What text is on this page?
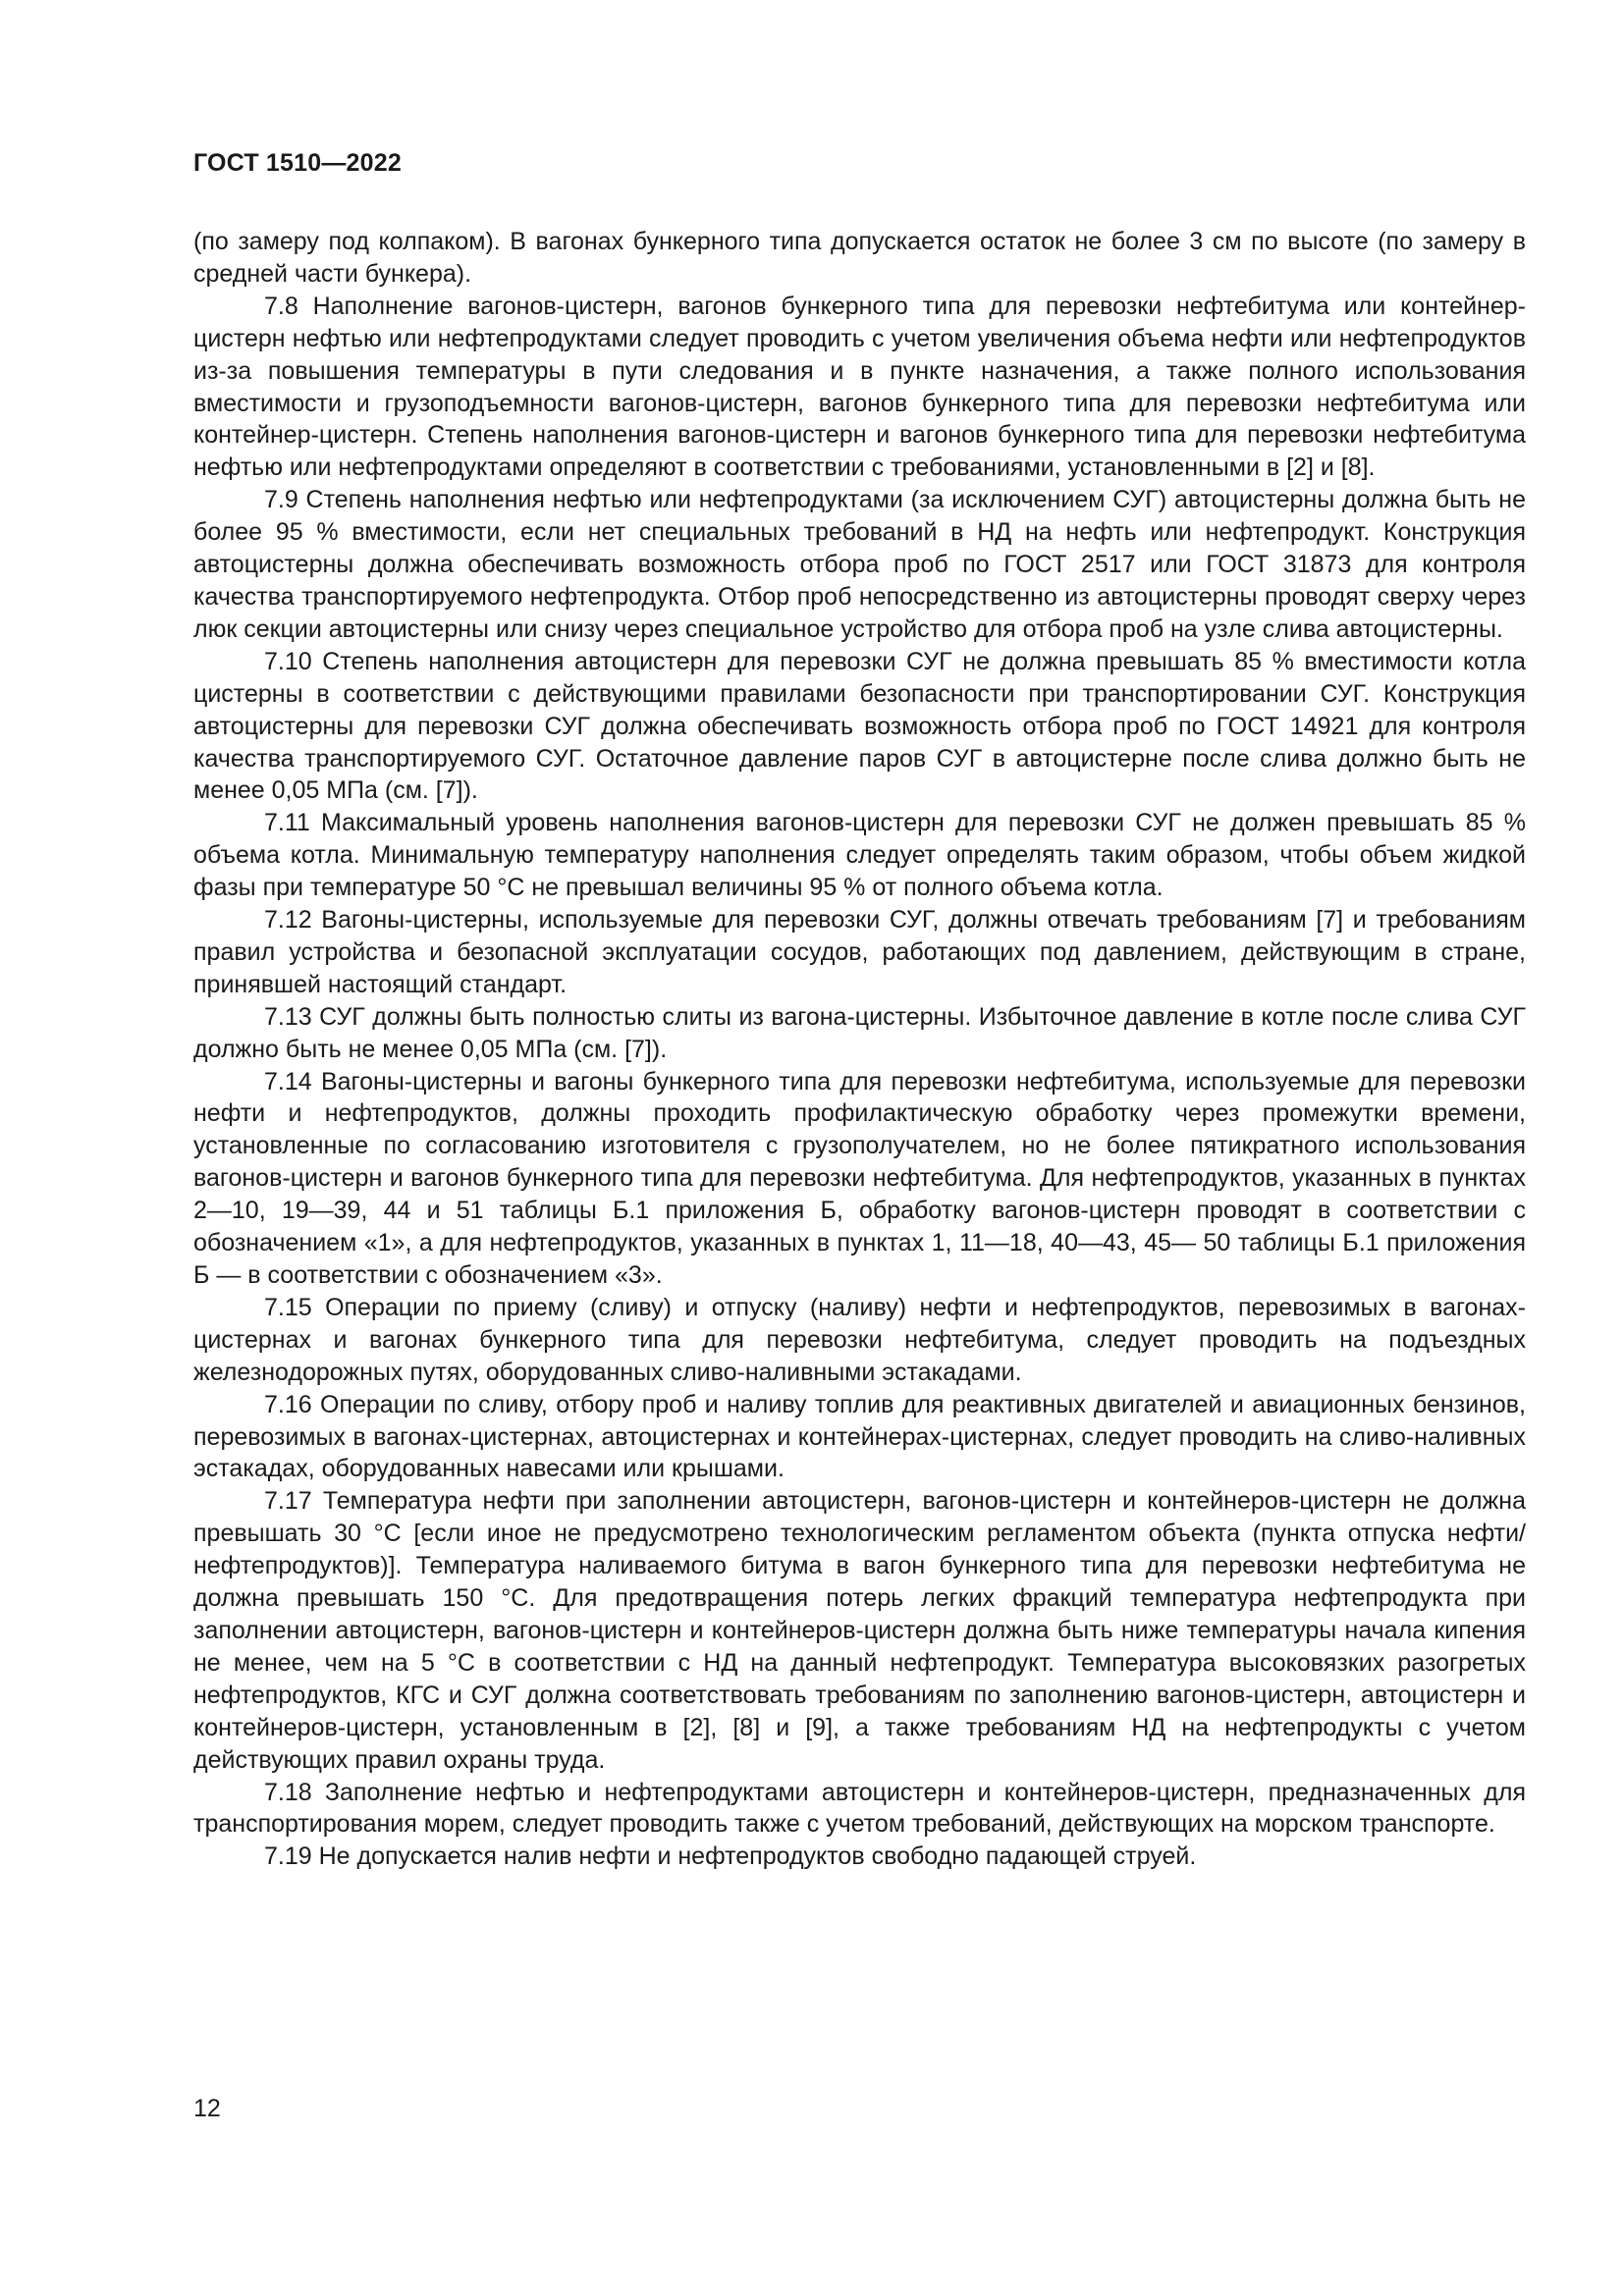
ГОСТ 1510—2022

(по замеру под колпаком). В вагонах бункерного типа допускается остаток не более 3 см по высоте (по замеру в средней части бункера).

7.8 Наполнение вагонов-цистерн, вагонов бункерного типа для перевозки нефтебитума или контейнер-цистерн нефтью или нефтепродуктами следует проводить с учетом увеличения объема нефти или нефтепродуктов из-за повышения температуры в пути следования и в пункте назначения, а также полного использования вместимости и грузоподъемности вагонов-цистерн, вагонов бункерного типа для перевозки нефтебитума или контейнер-цистерн. Степень наполнения вагонов-цистерн и вагонов бункерного типа для перевозки нефтебитума нефтью или нефтепродуктами определяют в соответствии с требованиями, установленными в [2] и [8].

7.9 Степень наполнения нефтью или нефтепродуктами (за исключением СУГ) автоцистерны должна быть не более 95 % вместимости, если нет специальных требований в НД на нефть или нефтепродукт. Конструкция автоцистерны должна обеспечивать возможность отбора проб по ГОСТ 2517 или ГОСТ 31873 для контроля качества транспортируемого нефтепродукта. Отбор проб непосредственно из автоцистерны проводят сверху через люк секции автоцистерны или снизу через специальное устройство для отбора проб на узле слива автоцистерны.

7.10 Степень наполнения автоцистерн для перевозки СУГ не должна превышать 85 % вместимости котла цистерны в соответствии с действующими правилами безопасности при транспортировании СУГ. Конструкция автоцистерны для перевозки СУГ должна обеспечивать возможность отбора проб по ГОСТ 14921 для контроля качества транспортируемого СУГ. Остаточное давление паров СУГ в автоцистерне после слива должно быть не менее 0,05 МПа (см. [7]).

7.11 Максимальный уровень наполнения вагонов-цистерн для перевозки СУГ не должен превышать 85 % объема котла. Минимальную температуру наполнения следует определять таким образом, чтобы объем жидкой фазы при температуре 50 °С не превышал величины 95 % от полного объема котла.

7.12 Вагоны-цистерны, используемые для перевозки СУГ, должны отвечать требованиям [7] и требованиям правил устройства и безопасной эксплуатации сосудов, работающих под давлением, действующим в стране, принявшей настоящий стандарт.

7.13 СУГ должны быть полностью слиты из вагона-цистерны. Избыточное давление в котле после слива СУГ должно быть не менее 0,05 МПа (см. [7]).

7.14 Вагоны-цистерны и вагоны бункерного типа для перевозки нефтебитума, используемые для перевозки нефти и нефтепродуктов, должны проходить профилактическую обработку через промежутки времени, установленные по согласованию изготовителя с грузополучателем, но не более пятикратного использования вагонов-цистерн и вагонов бункерного типа для перевозки нефтебитума. Для нефтепродуктов, указанных в пунктах 2—10, 19—39, 44 и 51 таблицы Б.1 приложения Б, обработку вагонов-цистерн проводят в соответствии с обозначением «1», а для нефтепродуктов, указанных в пунктах 1, 11—18, 40—43, 45— 50 таблицы Б.1 приложения Б — в соответствии с обозначением «3».

7.15 Операции по приему (сливу) и отпуску (наливу) нефти и нефтепродуктов, перевозимых в вагонах-цистернах и вагонах бункерного типа для перевозки нефтебитума, следует проводить на подъездных железнодорожных путях, оборудованных сливо-наливными эстакадами.

7.16 Операции по сливу, отбору проб и наливу топлив для реактивных двигателей и авиационных бензинов, перевозимых в вагонах-цистернах, автоцистернах и контейнерах-цистернах, следует проводить на сливо-наливных эстакадах, оборудованных навесами или крышами.

7.17 Температура нефти при заполнении автоцистерн, вагонов-цистерн и контейнеров-цистерн не должна превышать 30 °С [если иное не предусмотрено технологическим регламентом объекта (пункта отпуска нефти/нефтепродуктов)]. Температура наливаемого битума в вагон бункерного типа для перевозки нефтебитума не должна превышать 150 °С. Для предотвращения потерь легких фракций температура нефтепродукта при заполнении автоцистерн, вагонов-цистерн и контейнеров-цистерн должна быть ниже температуры начала кипения не менее, чем на 5 °С в соответствии с НД на данный нефтепродукт. Температура высоковязких разогретых нефтепродуктов, КГС и СУГ должна соответствовать требованиям по заполнению вагонов-цистерн, автоцистерн и контейнеров-цистерн, установленным в [2], [8] и [9], а также требованиям НД на нефтепродукты с учетом действующих правил охраны труда.

7.18 Заполнение нефтью и нефтепродуктами автоцистерн и контейнеров-цистерн, предназначенных для транспортирования морем, следует проводить также с учетом требований, действующих на морском транспорте.

7.19 Не допускается налив нефти и нефтепродуктов свободно падающей струей.

12
